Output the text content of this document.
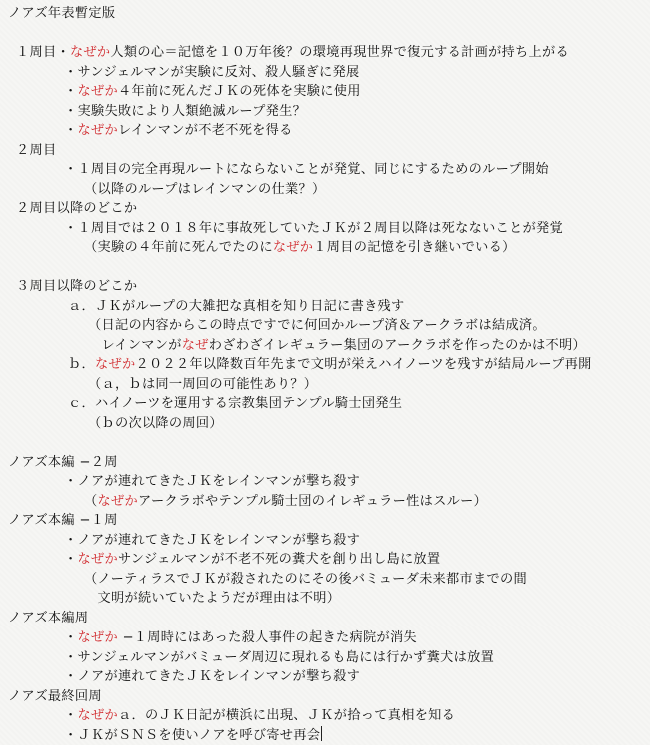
ノアズ年表暫定版
１周目・なぜか人類の心＝記憶を１０万年後？の環境再現世界で復元する計画が持ち上がる
・サンジェルマンが実験に反対、殺人騒ぎに発展
・なぜか４年前に死んだＪＫの死体を実験に使用
・実験失敗により人類絶滅ループ発生？
・なぜかレインマンが不老不死を得る
２周目
・１周目の完全再現ルートにならないことが発覚、同じにするためのループ開始
（以降のループはレインマンの仕業？）
２周目以降のどこか
・１周目では２０１８年に事故死していたＪＫが２周目以降は死なないことが発覚
（実験の４年前に死んでたのになぜか１周目の記憶を引き継いでいる）
３周目以降のどこか
ａ．ＪＫがループの大雑把な真相を知り日記に書き残す
（日記の内容からこの時点ですでに何回かループ済＆アークラボは結成済。
　レインマンがなぜわざわざイレギュラー集団のアークラボを作ったのかは不明）
ｂ．なぜか２０２２年以降数百年先まで文明が栄えハイノーツを残すが結局ループ再開
（ａ，ｂは同一周回の可能性あり？）
ｃ．ハイノーツを運用する宗教集団テンプル騎士団発生
（ｂの次以降の周回）
ノアズ本編 −２周
・ノアが連れてきたＪＫをレインマンが撃ち殺す
（なぜかアークラボやテンプル騎士団のイレギュラー性はスルー）
ノアズ本編 −１周
・ノアが連れてきたＪＫをレインマンが撃ち殺す
・なぜかサンジェルマンが不老不死の糞犬を創り出し島に放置
（ノーティラスでＪＫが殺されたのにその後バミューダ未来都市までの間
　文明が続いていたようだが理由は不明）
ノアズ本編周
・なぜか −１周時にはあった殺人事件の起きた病院が消失
・サンジェルマンがバミューダ周辺に現れるも島には行かず糞犬は放置
・ノアが連れてきたＪＫをレインマンが撃ち殺す
ノアズ最終回周
・なぜかａ．のＪＫ日記が横浜に出現、ＪＫが拾って真相を知る
・ＪＫがＳＮＳを使いノアを呼び寄せ再会
